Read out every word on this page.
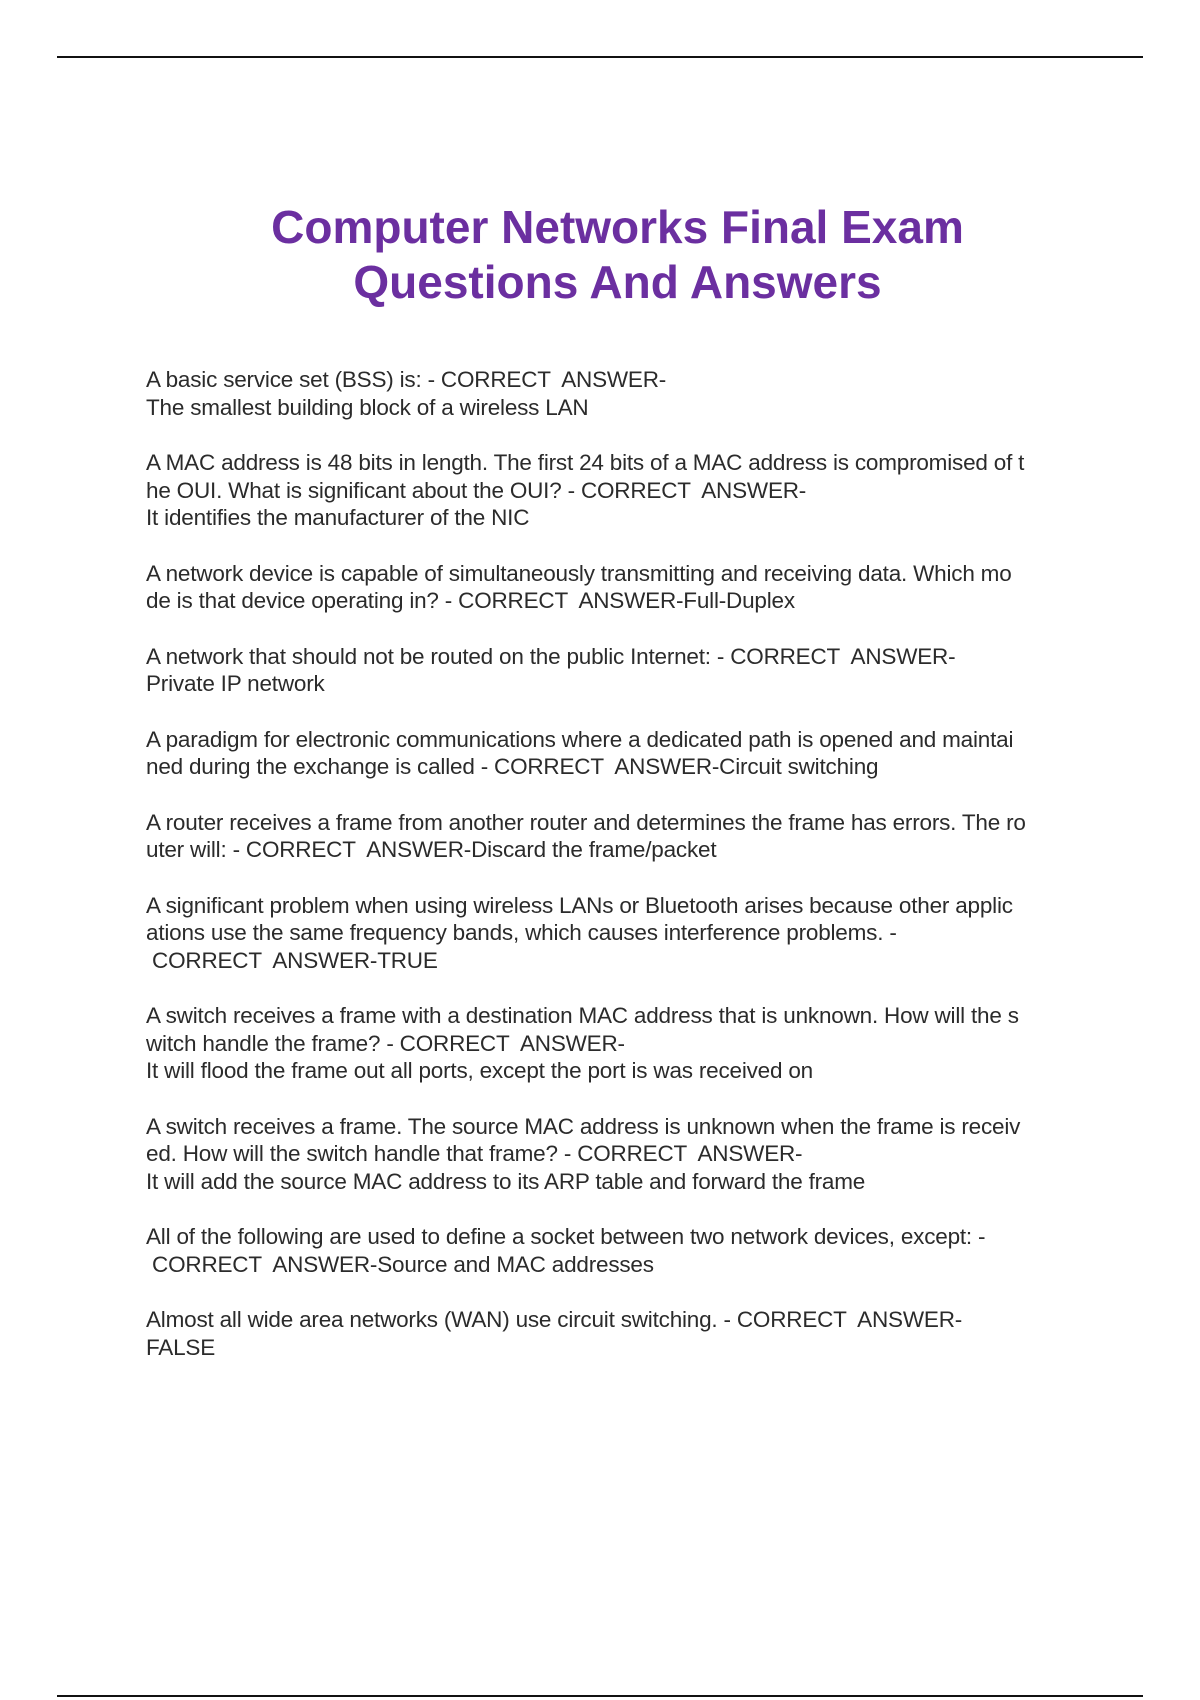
Computer Networks Final Exam
Questions And Answers
A basic service set (BSS) is: - CORRECT  ANSWER-
The smallest building block of a wireless LAN
A MAC address is 48 bits in length. The first 24 bits of a MAC address is compromised of t
he OUI. What is significant about the OUI? - CORRECT  ANSWER-
It identifies the manufacturer of the NIC
A network device is capable of simultaneously transmitting and receiving data. Which mo
de is that device operating in? - CORRECT  ANSWER-Full-Duplex
A network that should not be routed on the public Internet: - CORRECT  ANSWER-
Private IP network
A paradigm for electronic communications where a dedicated path is opened and maintai
ned during the exchange is called - CORRECT  ANSWER-Circuit switching
A router receives a frame from another router and determines the frame has errors. The ro
uter will: - CORRECT  ANSWER-Discard the frame/packet
A significant problem when using wireless LANs or Bluetooth arises because other applic
ations use the same frequency bands, which causes interference problems. -
CORRECT  ANSWER-TRUE
A switch receives a frame with a destination MAC address that is unknown. How will the s
witch handle the frame? - CORRECT  ANSWER-
It will flood the frame out all ports, except the port is was received on
A switch receives a frame. The source MAC address is unknown when the frame is receiv
ed. How will the switch handle that frame? - CORRECT  ANSWER-
It will add the source MAC address to its ARP table and forward the frame
All of the following are used to define a socket between two network devices, except: -
CORRECT  ANSWER-Source and MAC addresses
Almost all wide area networks (WAN) use circuit switching. - CORRECT  ANSWER-
FALSE
